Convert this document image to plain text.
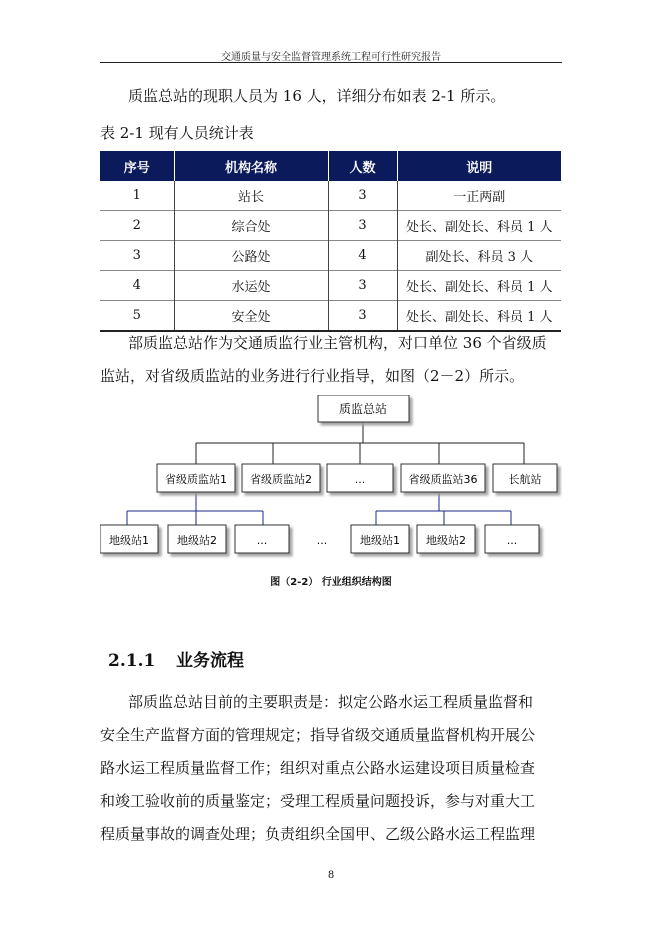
交通质量与安全监督管理系统工程可行性研究报告
质监总站的现职人员为 16 人，详细分布如表 2-1 所示。
表 2-1 现有人员统计表
序号	机构名称	人数	说明
1	站长	3	一正两副
2	综合处	3	处长、副处长、科员 1 人
3	公路处	4	副处长、科员 3 人
4	水运处	3	处长、副处长、科员 1 人
5	安全处	3	处长、副处长、科员 1 人
部质监总站作为交通质监行业主管机构，对口单位 36 个省级质
监站，对省级质监站的业务进行行业指导，如图（2－2）所示。
质监总站
省级质监站1 省级质监站2	...	省级质监站36	长航站
地级站1	地级站2	...	...	地级站1 地级站2	...
图（2-2） 行业组织结构图
2.1.1 业务流程
部质监总站目前的主要职责是：拟定公路水运工程质量监督和
安全生产监督方面的管理规定；指导省级交通质量监督机构开展公
路水运工程质量监督工作；组织对重点公路水运建设项目质量检查
和竣工验收前的质量鉴定；受理工程质量问题投诉，参与对重大工
程质量事故的调查处理；负责组织全国甲、乙级公路水运工程监理
8
